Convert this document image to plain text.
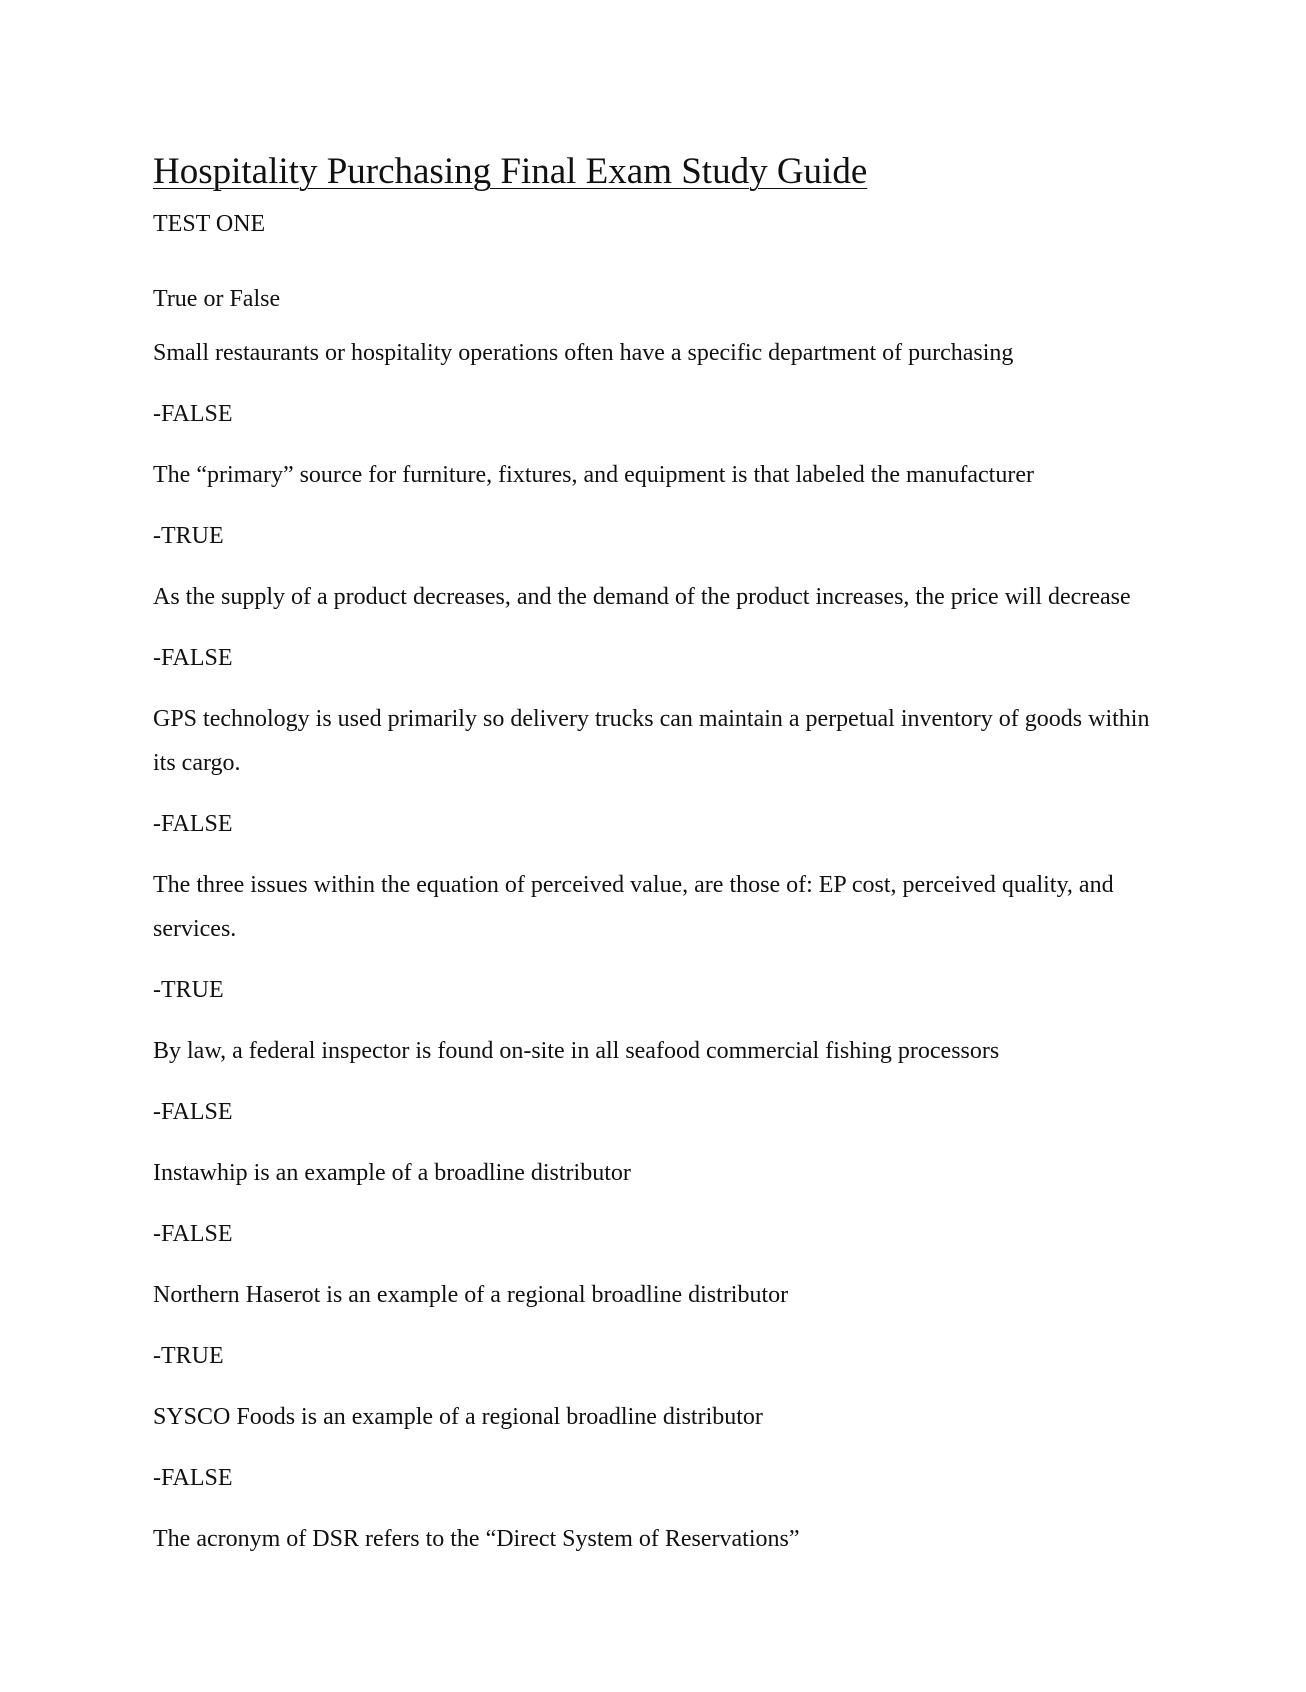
Hospitality Purchasing Final Exam Study Guide
TEST ONE
True or False
Small restaurants or hospitality operations often have a specific department of purchasing
-FALSE
The “primary” source for furniture, fixtures, and equipment is that labeled the manufacturer
-TRUE
As the supply of a product decreases, and the demand of the product increases, the price will decrease
-FALSE
GPS technology is used primarily so delivery trucks can maintain a perpetual inventory of goods within its cargo.
-FALSE
The three issues within the equation of perceived value, are those of: EP cost, perceived quality, and services.
-TRUE
By law, a federal inspector is found on-site in all seafood commercial fishing processors
-FALSE
Instawhip is an example of a broadline distributor
-FALSE
Northern Haserot is an example of a regional broadline distributor
-TRUE
SYSCO Foods is an example of a regional broadline distributor
-FALSE
The acronym of DSR refers to the “Direct System of Reservations”
